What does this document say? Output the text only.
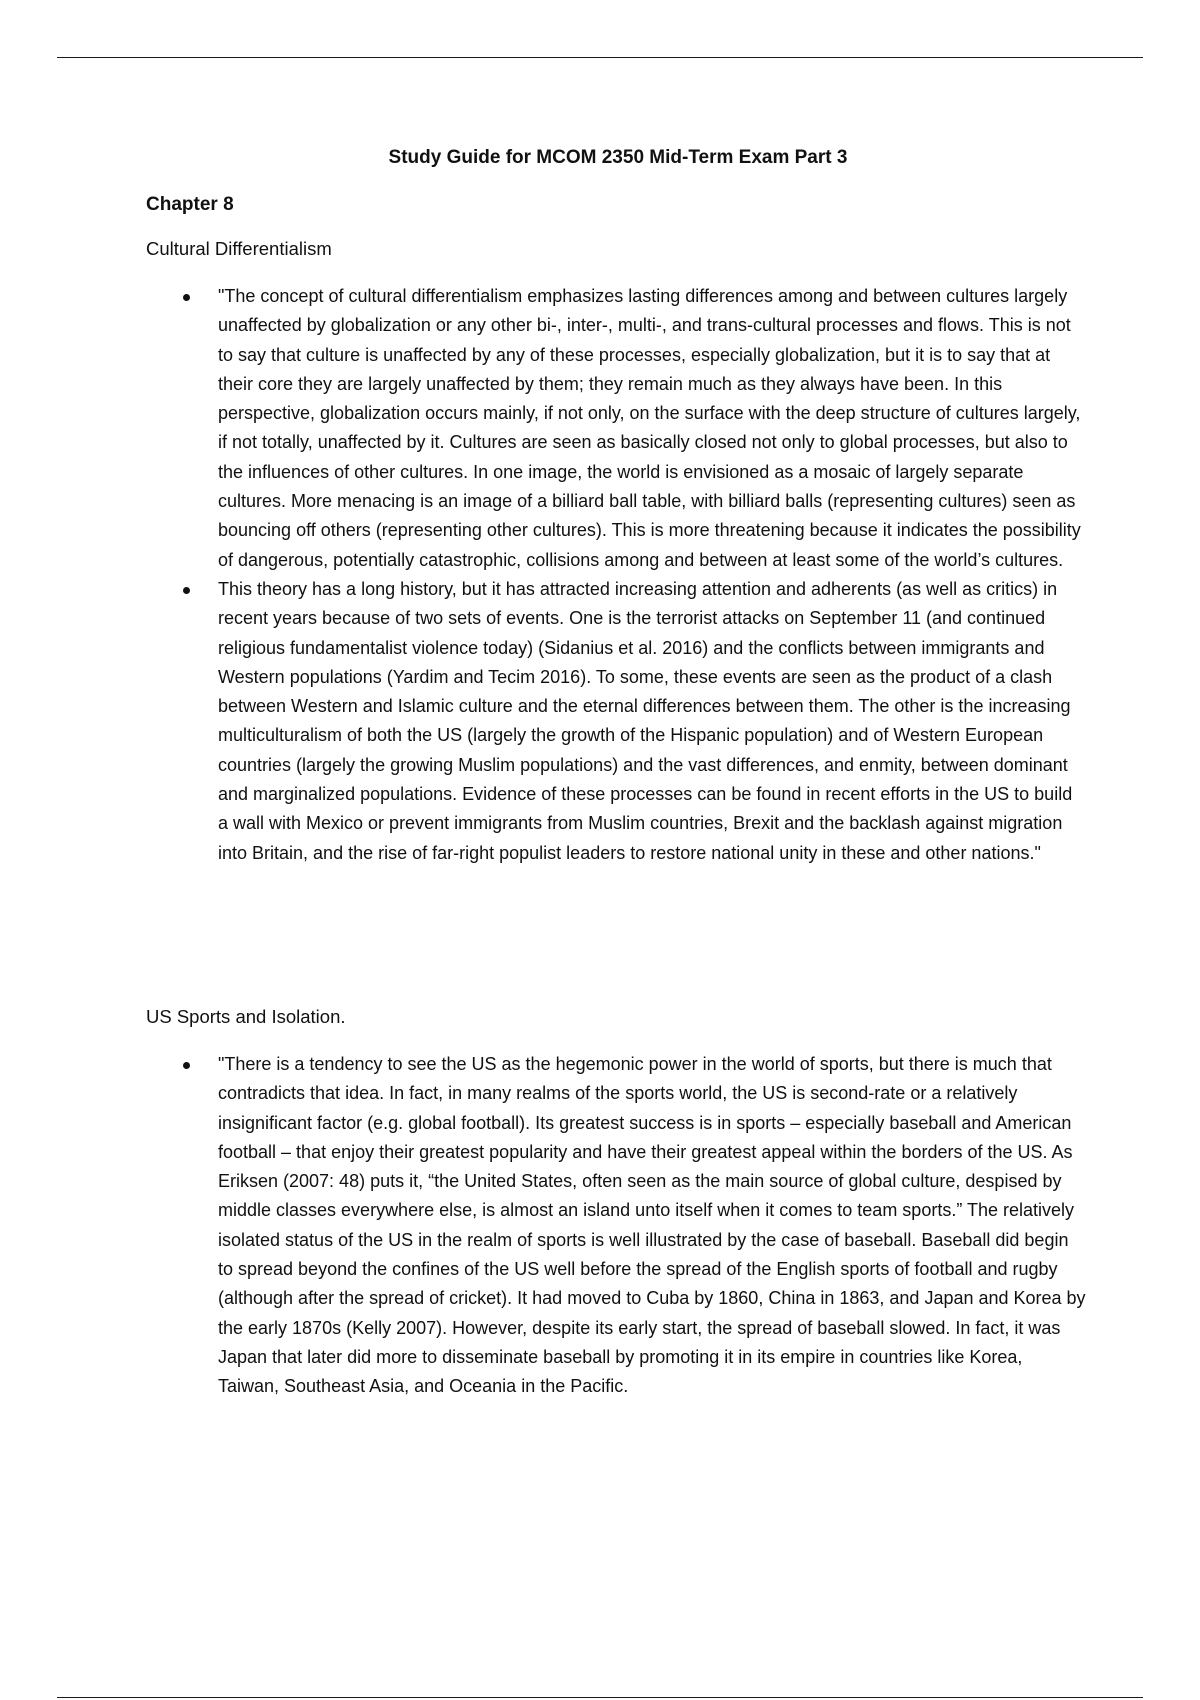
Study Guide for MCOM 2350 Mid-Term Exam Part 3
Chapter 8
Cultural Differentialism
"The concept of cultural differentialism emphasizes lasting differences among and between cultures largely unaffected by globalization or any other bi-, inter-, multi-, and trans-cultural processes and flows. This is not to say that culture is unaffected by any of these processes, especially globalization, but it is to say that at their core they are largely unaffected by them; they remain much as they always have been. In this perspective, globalization occurs mainly, if not only, on the surface with the deep structure of cultures largely, if not totally, unaffected by it. Cultures are seen as basically closed not only to global processes, but also to the influences of other cultures. In one image, the world is envisioned as a mosaic of largely separate cultures. More menacing is an image of a billiard ball table, with billiard balls (representing cultures) seen as bouncing off others (representing other cultures). This is more threatening because it indicates the possibility of dangerous, potentially catastrophic, collisions among and between at least some of the world’s cultures.
This theory has a long history, but it has attracted increasing attention and adherents (as well as critics) in recent years because of two sets of events. One is the terrorist attacks on September 11 (and continued religious fundamentalist violence today) (Sidanius et al. 2016) and the conflicts between immigrants and Western populations (Yardim and Tecim 2016). To some, these events are seen as the product of a clash between Western and Islamic culture and the eternal differences between them. The other is the increasing multiculturalism of both the US (largely the growth of the Hispanic population) and of Western European countries (largely the growing Muslim populations) and the vast differences, and enmity, between dominant and marginalized populations. Evidence of these processes can be found in recent efforts in the US to build a wall with Mexico or prevent immigrants from Muslim countries, Brexit and the backlash against migration into Britain, and the rise of far-right populist leaders to restore national unity in these and other nations."
US Sports and Isolation.
"There is a tendency to see the US as the hegemonic power in the world of sports, but there is much that contradicts that idea. In fact, in many realms of the sports world, the US is second-rate or a relatively insignificant factor (e.g. global football). Its greatest success is in sports – especially baseball and American football – that enjoy their greatest popularity and have their greatest appeal within the borders of the US. As Eriksen (2007: 48) puts it, “the United States, often seen as the main source of global culture, despised by middle classes everywhere else, is almost an island unto itself when it comes to team sports.” The relatively isolated status of the US in the realm of sports is well illustrated by the case of baseball. Baseball did begin to spread beyond the confines of the US well before the spread of the English sports of football and rugby (although after the spread of cricket). It had moved to Cuba by 1860, China in 1863, and Japan and Korea by the early 1870s (Kelly 2007). However, despite its early start, the spread of baseball slowed. In fact, it was Japan that later did more to disseminate baseball by promoting it in its empire in countries like Korea, Taiwan, Southeast Asia, and Oceania in the Pacific.
